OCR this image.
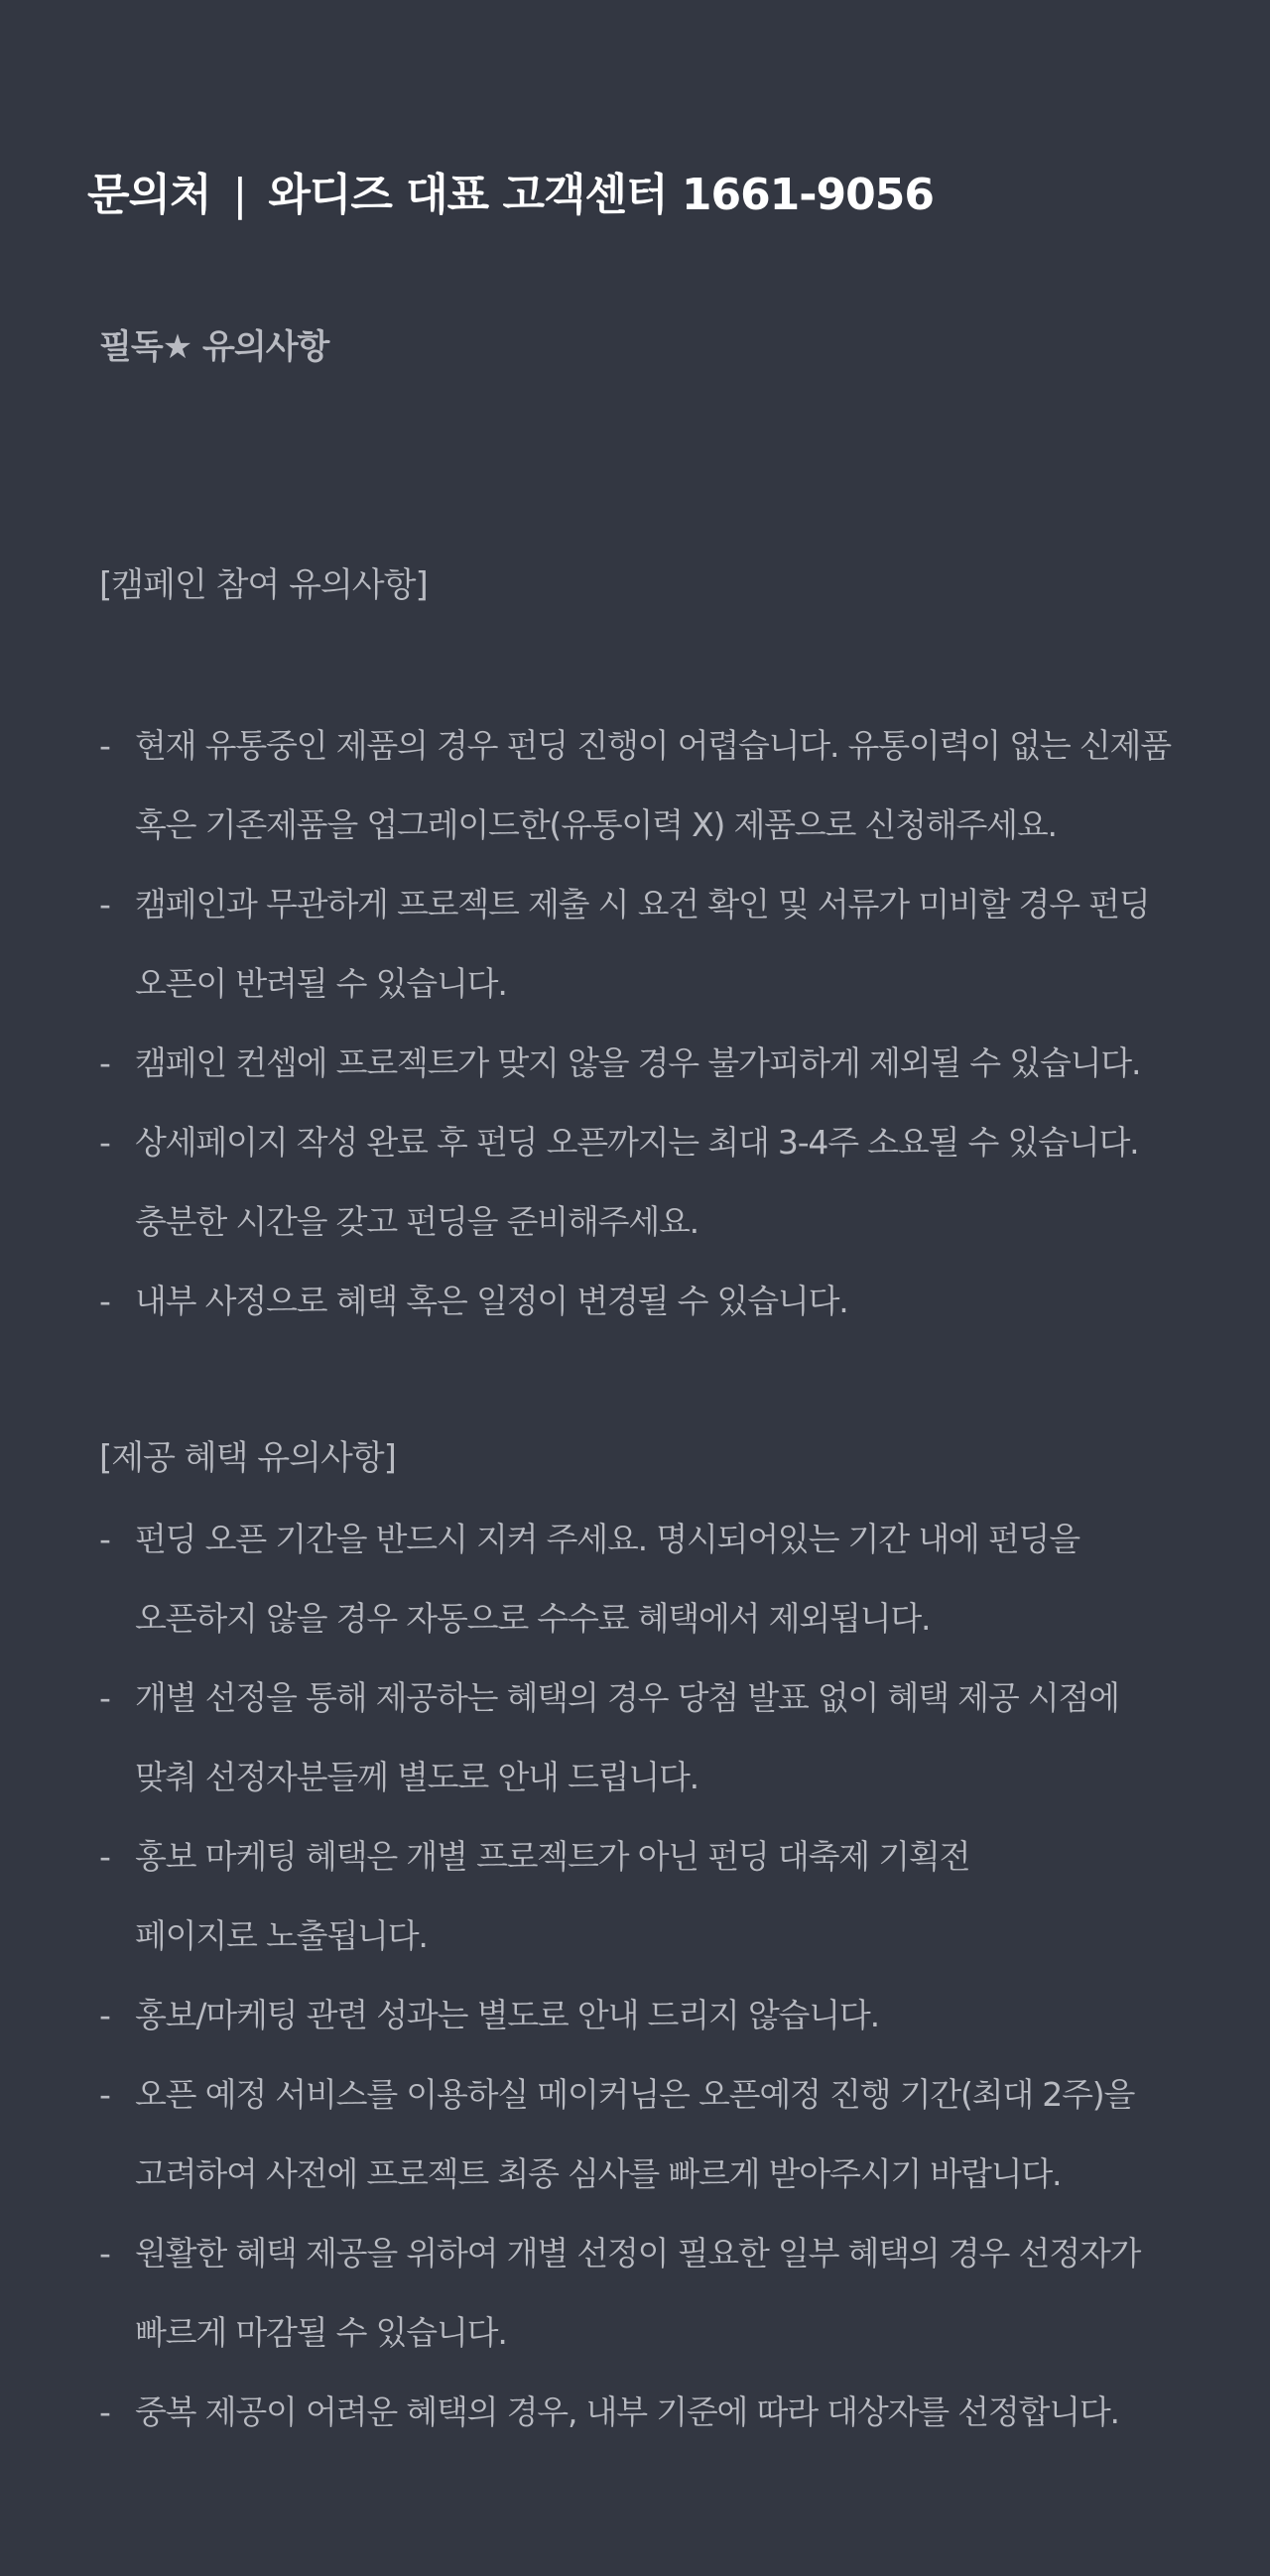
문의처 | 와디즈 대표 고객센터 1661-9056
필독★ 유의사항
[캠페인 참여 유의사항]
- 현재 유통중인 제품의 경우 펀딩 진행이 어렵습니다. 유통이력이 없는 신제품
혹은 기존제품을 업그레이드한(유통이력 X) 제품으로 신청해주세요.
- 캠페인과 무관하게 프로젝트 제출 시 요건 확인 및 서류가 미비할 경우 펀딩
오픈이 반려될 수 있습니다.
- 캠페인 컨셉에 프로젝트가 맞지 않을 경우 불가피하게 제외될 수 있습니다.
- 상세페이지 작성 완료 후 펀딩 오픈까지는 최대 3-4주 소요될 수 있습니다.
충분한 시간을 갖고 펀딩을 준비해주세요.
- 내부 사정으로 혜택 혹은 일정이 변경될 수 있습니다.
[제공 혜택 유의사항]
- 펀딩 오픈 기간을 반드시 지켜 주세요. 명시되어있는 기간 내에 펀딩을
오픈하지 않을 경우 자동으로 수수료 혜택에서 제외됩니다.
- 개별 선정을 통해 제공하는 혜택의 경우 당첨 발표 없이 혜택 제공 시점에
맞춰 선정자분들께 별도로 안내 드립니다.
- 홍보 마케팅 혜택은 개별 프로젝트가 아닌 펀딩 대축제 기획전
페이지로 노출됩니다.
- 홍보/마케팅 관련 성과는 별도로 안내 드리지 않습니다.
- 오픈 예정 서비스를 이용하실 메이커님은 오픈예정 진행 기간(최대 2주)을
고려하여 사전에 프로젝트 최종 심사를 빠르게 받아주시기 바랍니다.
- 원활한 혜택 제공을 위하여 개별 선정이 필요한 일부 혜택의 경우 선정자가
빠르게 마감될 수 있습니다.
- 중복 제공이 어려운 혜택의 경우, 내부 기준에 따라 대상자를 선정합니다.
